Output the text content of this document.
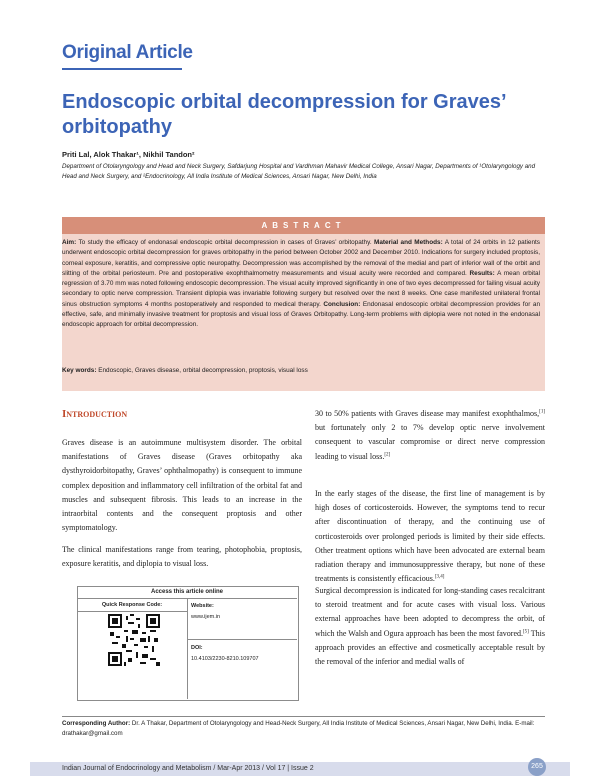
Original Article
Endoscopic orbital decompression for Graves’ orbitopathy
Priti Lal, Alok Thakar¹, Nikhil Tandon²
Department of Otolaryngology and Head and Neck Surgery, Safdarjung Hospital and Vardhman Mahavir Medical College, Ansari Nagar, Departments of ¹Otolaryngology and Head and Neck Surgery, and ²Endocrinology, All India Institute of Medical Sciences, Ansari Nagar, New Delhi, India
ABSTRACT
Aim: To study the efficacy of endonasal endoscopic orbital decompression in cases of Graves’ orbitopathy. Material and Methods: A total of 24 orbits in 12 patients underwent endoscopic orbital decompression for graves orbitopathy in the period between October 2002 and December 2010. Indications for surgery included proptosis, corneal exposure, keratitis, and compressive optic neuropathy. Decompression was accomplished by the removal of the medial and part of inferior wall of the orbit and slitting of the orbital periosteum. Pre and postoperative exophthalmometry measurements and visual acuity were recorded and compared. Results: A mean orbital regression of 3.70 mm was noted following endoscopic decompression. The visual acuity improved significantly in one of two eyes decompressed for failing visual acuity secondary to optic nerve compression. Transient diplopia was invariable following surgery but resolved over the next 8 weeks. One case manifested unilateral frontal sinus obstruction symptoms 4 months postoperatively and responded to medical therapy. Conclusion: Endonasal endoscopic orbital decompression provides for an effective, safe, and minimally invasive treatment for proptosis and visual loss of Graves Orbitopathy. Long-term problems with diplopia were not noted in the endonasal endoscopic approach for orbital decompression.
Key words: Endoscopic, Graves disease, orbital decompression, proptosis, visual loss
Introduction
Graves disease is an autoimmune multisystem disorder. The orbital manifestations of Graves disease (Graves orbitopathy aka dysthyroidorbitopathy, Graves’ ophthalmopathy) is consequent to immune complex deposition and inflammatory cell infiltration of the orbital fat and muscles and subsequent fibrosis. This leads to an increase in the intraorbital contents and the consequent proptosis and other symptomatology.
The clinical manifestations range from tearing, photophobia, proptosis, exposure keratitis, and diplopia to visual loss.
30 to 50% patients with Graves disease may manifest exophthalmos,[1] but fortunately only 2 to 7% develop optic nerve involvement consequent to vascular compromise or direct nerve compression leading to visual loss.[2]
In the early stages of the disease, the first line of management is by high doses of corticosteroids. However, the symptoms tend to recur after discontinuation of therapy, and the continuing use of corticosteroids over prolonged periods is limited by their side effects. Other treatment options which have been advocated are external beam radiation therapy and immunosuppressive therapy, but none of these treatments is consistently efficacious.[3,4]
Surgical decompression is indicated for long-standing cases recalcitrant to steroid treatment and for acute cases with visual loss. Various external approaches have been adopted to decompress the orbit, of which the Walsh and Ogura approach has been the most favored.[5] This approach provides an effective and cosmetically acceptable result by the removal of the inferior and medial walls of
Access this article online
Quick Response Code:	Website:
www.ijem.in
DOI:
10.4103/2230-8210.109707
Corresponding Author: Dr. A Thakar, Department of Otolaryngology and Head-Neck Surgery, All India Institute of Medical Sciences, Ansari Nagar, New Delhi, India. E-mail: drathakar@gmail.com
Indian Journal of Endocrinology and Metabolism / Mar-Apr 2013 / Vol 17 | Issue 2	265
